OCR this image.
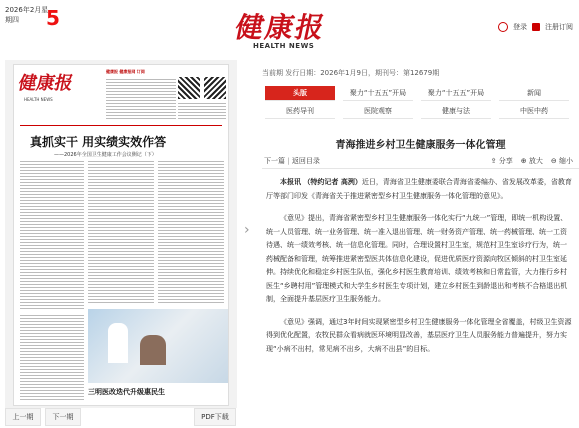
2026年2月星期四	5	健康报
HEALTH NEWS
登录	注册订阅
健康报
HEALTH NEWS
健康报 健康报网 订阅
真抓实干 用实绩实效作答
——2026年全国卫生健康工作会议侧记（下）
三明医改迭代升级惠民生
上一期	下一期	PDF下载
›
当前期 发行日期：2026年1月9日，期刊号：第12679期
头版	聚力“十五五”开局	聚力“十五五”开局	新闻
医药导刊	医院观察	健康与法	中医中药
青海推进乡村卫生健康服务一体化管理
下一篇 | 返回目录	⇪ 分享 ⊕ 放大 ⊖ 缩小

本报讯 （特约记者 高洌）近日，青海省卫生健康委联合青海省委编办、省发展改革委，省教育厅等部门印发《青海省关于推进紧密型乡村卫生健康服务一体化管理的意见》。

《意见》提出，青海省紧密型乡村卫生健康服务一体化实行“九统一”管理，即统一机构设置、统一人员管理、统一业务管理、统一准入退出管理、统一财务资产管理、统一药械管理、统一工资待遇、统一绩效考核、统一信息化管理。同时，合理设置村卫生室，规范村卫生室诊疗行为，统一药械配备和管理，统筹推进紧密型医共体信息化建设，促进优质医疗资源向牧区倾斜的村卫生室延伸。持续优化和稳定乡村医生队伍，强化乡村医生教育培训、绩效考核和日常监管，大力推行乡村医生“乡聘村用”管理模式和大学生乡村医生专项计划，建立乡村医生到龄退出和考核不合格退出机制，全面提升基层医疗卫生服务能力。

《意见》强调，通过3年时间实现紧密型乡村卫生健康服务一体化管理全省覆盖，村级卫生资源得到优化配置，农牧民群众看病就医环境明显改善，基层医疗卫生人员服务能力普遍提升，努力实现“小病不出村，常见病不出乡，大病不出县”的目标。
